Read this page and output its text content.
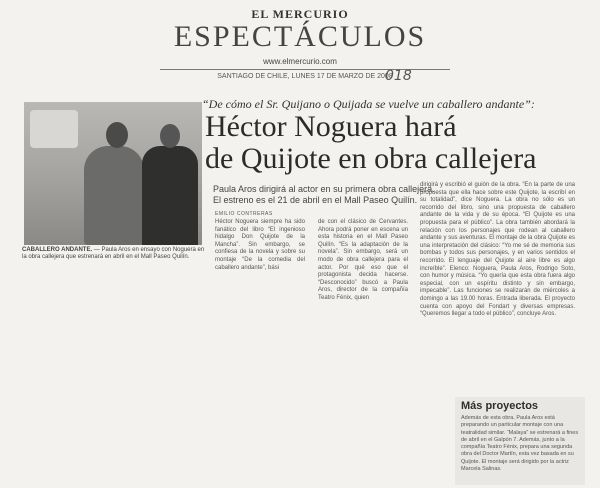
EL MERCURIO
ESPECTÁCULOS
www.elmercurio.com
SANTIAGO DE CHILE, LUNES 17 DE MARZO DE 2008
018
CABALLERO ANDANTE. — Paula Aros en ensayo con Noguera en la obra callejera que estrenará en abril en el Mall Paseo Quilín.
“De cómo el Sr. Quijano o Quijada se vuelve un caballero andante”:
Héctor Noguera hará
de Quijote en obra callejera
Paula Aros dirigirá al actor en su primera obra callejera.
El estreno es el 21 de abril en el Mall Paseo Quilín.
EMILIO CONTRERAS
Héctor Noguera siempre ha sido fanático del libro “El ingenioso hidalgo Don Quijote de la Mancha”. Sin embargo, se confiesa de la novela y sobre su montaje “De la comedia del caballero andante”, bási
de con el clásico de Cervantes. Ahora podrá poner en escena un esta historia en el Mall Paseo Quilín. “Es la adaptación de la novela”. Sin embargo, será un modo de obra callejera para el actor. Por qué eso que el protagonista decida hacerse. “Desconocido” buscó a Paula Aros, director de la compañía Teatro Fénix, quien
dirigirá y escribió el guión de la obra. “En la parte de una propuesta que ella hace sobre este Quijote, la escribí en su totalidad”, dice Noguera. La obra no sólo es un recorrido del libro, sino una propuesta de caballero andante de la vida y de su época. “El Quijote es una propuesta para el público”. La obra también abordará la relación con los personajes que rodean al caballero andante y sus aventuras. El montaje de la obra Quijote es una interpretación del clásico: “Yo me sé de memoria sus bombas y todos sus personajes, y en varios sentidos el recorrido. El lenguaje del Quijote al aire libre es algo increíble”. Elenco: Noguera, Paula Aros, Rodrigo Soto, con humor y música. “Yo quería que esta obra fuera algo especial, con un espíritu distinto y sin embargo, impecable”. Las funciones se realizarán de miércoles a domingo a las 19.00 horas. Entrada liberada. El proyecto cuenta con apoyo del Fondart y diversas empresas. “Queremos llegar a todo el público”, concluye Aros.
Más proyectos
Además de esta obra, Paula Aros está preparando un particular montaje con una teatralidad similar. “Malaya” se estrenará a fines de abril en el Galpón 7. Además, junto a la compañía Teatro Fénix, prepara una segunda obra del Doctor Martín, esta vez basada en su Quijote. El montaje será dirigido por la actriz Marcela Salinas.
